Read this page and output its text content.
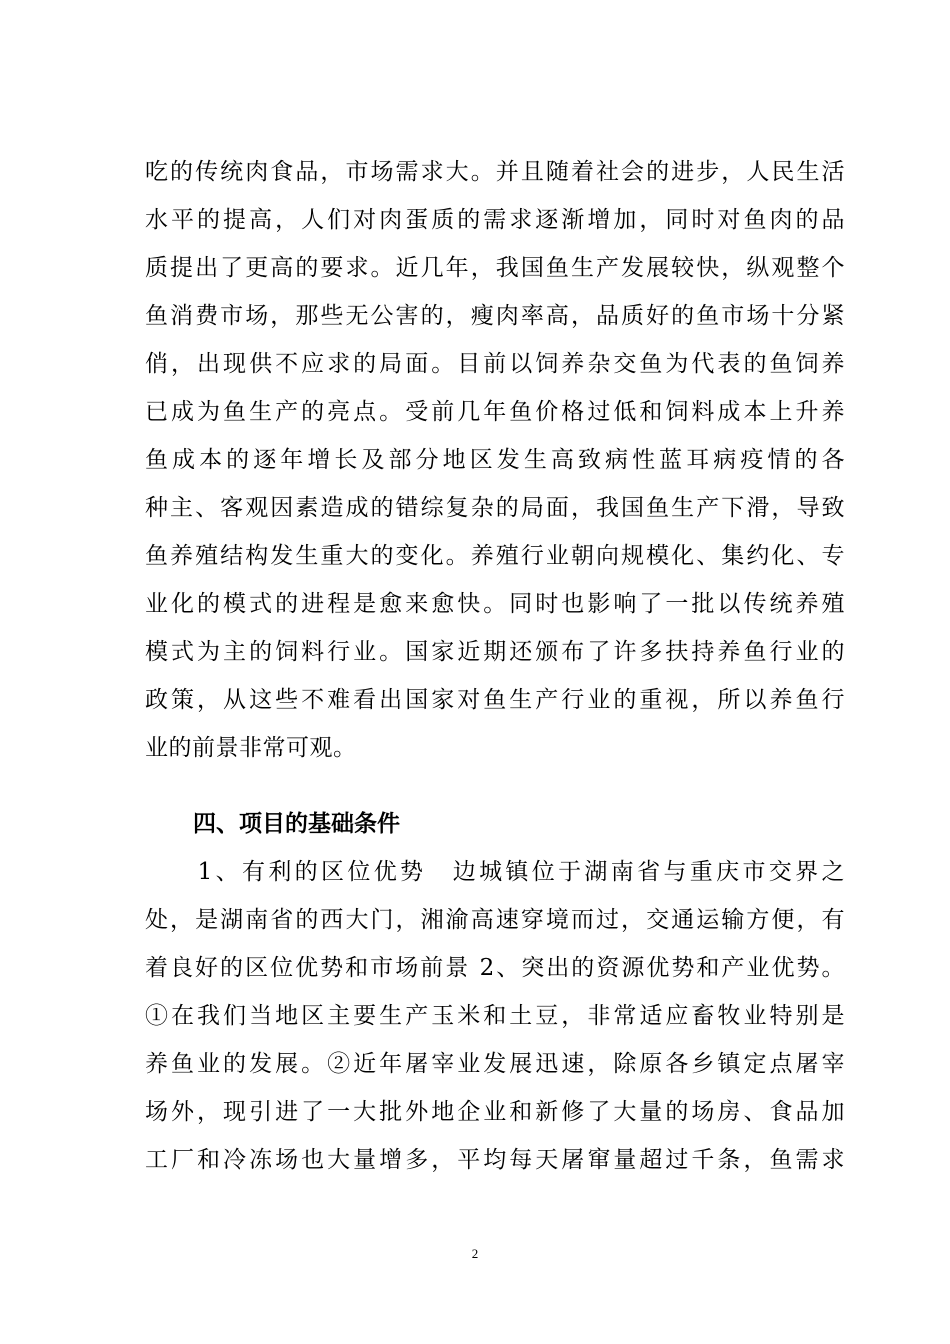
吃的传统肉食品，市场需求大。并且随着社会的进步，人民生活
水平的提高，人们对肉蛋质的需求逐渐增加，同时对鱼肉的品
质提出了更高的要求。近几年，我国鱼生产发展较快，纵观整个
鱼消费市场，那些无公害的，瘦肉率高，品质好的鱼市场十分紧
俏，出现供不应求的局面。目前以饲养杂交鱼为代表的鱼饲养
已成为鱼生产的亮点。受前几年鱼价格过低和饲料成本上升养
鱼成本的逐年增长及部分地区发生高致病性蓝耳病疫情的各
种主、客观因素造成的错综复杂的局面，我国鱼生产下滑，导致
鱼养殖结构发生重大的变化。养殖行业朝向规模化、集约化、专
业化的模式的进程是愈来愈快。同时也影响了一批以传统养殖
模式为主的饲料行业。国家近期还颁布了许多扶持养鱼行业的
政策，从这些不难看出国家对鱼生产行业的重视，所以养鱼行
业的前景非常可观。
四、项目的基础条件
　　1、有利的区位优势　边城镇位于湖南省与重庆市交界之
处，是湖南省的西大门，湘渝高速穿境而过，交通运输方便，有
着良好的区位优势和市场前景 2、突出的资源优势和产业优势。
①在我们当地区主要生产玉米和土豆，非常适应畜牧业特别是
养鱼业的发展。②近年屠宰业发展迅速，除原各乡镇定点屠宰
场外，现引进了一大批外地企业和新修了大量的场房、食品加
工厂和冷冻场也大量增多，平均每天屠窜量超过千条，鱼需求
2
